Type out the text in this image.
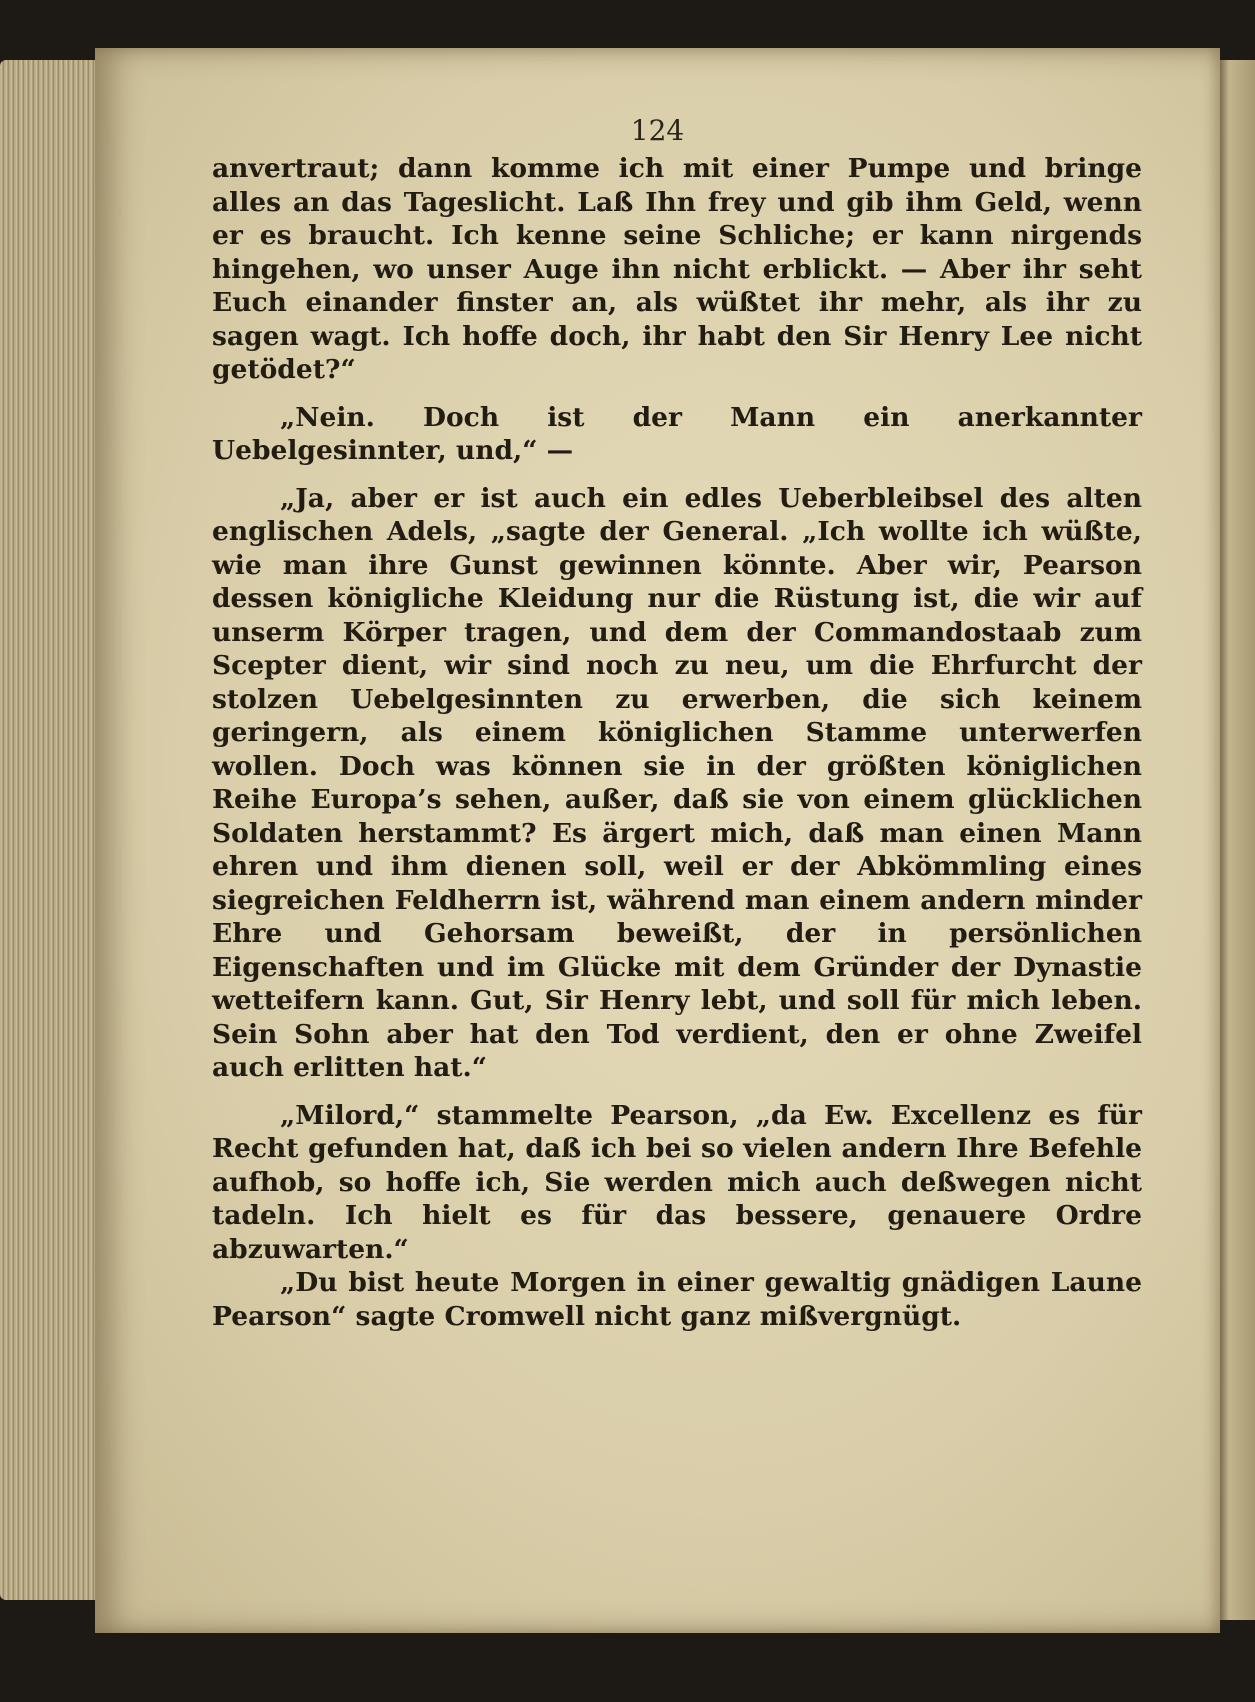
124

anvertraut; dann komme ich mit einer Pumpe und bringe alles an das Tageslicht. Laß Ihn frey und gib ihm Geld, wenn er es braucht. Ich kenne seine Schliche; er kann nirgends hingehen, wo unser Auge ihn nicht erblickt. — Aber ihr seht Euch einander finster an, als wüßtet ihr mehr, als ihr zu sagen wagt. Ich hoffe doch, ihr habt den Sir Henry Lee nicht getödet?“

„Nein. Doch ist der Mann ein anerkannter Uebelgesinnter, und,“ —

„Ja, aber er ist auch ein edles Ueberbleibsel des alten englischen Adels, „sagte der General. „Ich wollte ich wüßte, wie man ihre Gunst gewinnen könnte. Aber wir, Pearson dessen königliche Kleidung nur die Rüstung ist, die wir auf unserm Körper tragen, und dem der Commandostaab zum Scepter dient, wir sind noch zu neu, um die Ehrfurcht der stolzen Uebelgesinnten zu erwerben, die sich keinem geringern, als einem königlichen Stamme unterwerfen wollen. Doch was können sie in der größten königlichen Reihe Europa’s sehen, außer, daß sie von einem glücklichen Soldaten herstammt? Es ärgert mich, daß man einen Mann ehren und ihm dienen soll, weil er der Abkömmling eines siegreichen Feldherrn ist, während man einem andern minder Ehre und Gehorsam beweißt, der in persönlichen Eigenschaften und im Glücke mit dem Gründer der Dynastie wetteifern kann. Gut, Sir Henry lebt, und soll für mich leben. Sein Sohn aber hat den Tod verdient, den er ohne Zweifel auch erlitten hat.“

„Milord,“ stammelte Pearson, „da Ew. Excellenz es für Recht gefunden hat, daß ich bei so vielen andern Ihre Befehle aufhob, so hoffe ich, Sie werden mich auch deßwegen nicht tadeln. Ich hielt es für das bessere, genauere Ordre abzuwarten.“

„Du bist heute Morgen in einer gewaltig gnädigen Laune Pearson“ sagte Cromwell nicht ganz mißvergnügt.
